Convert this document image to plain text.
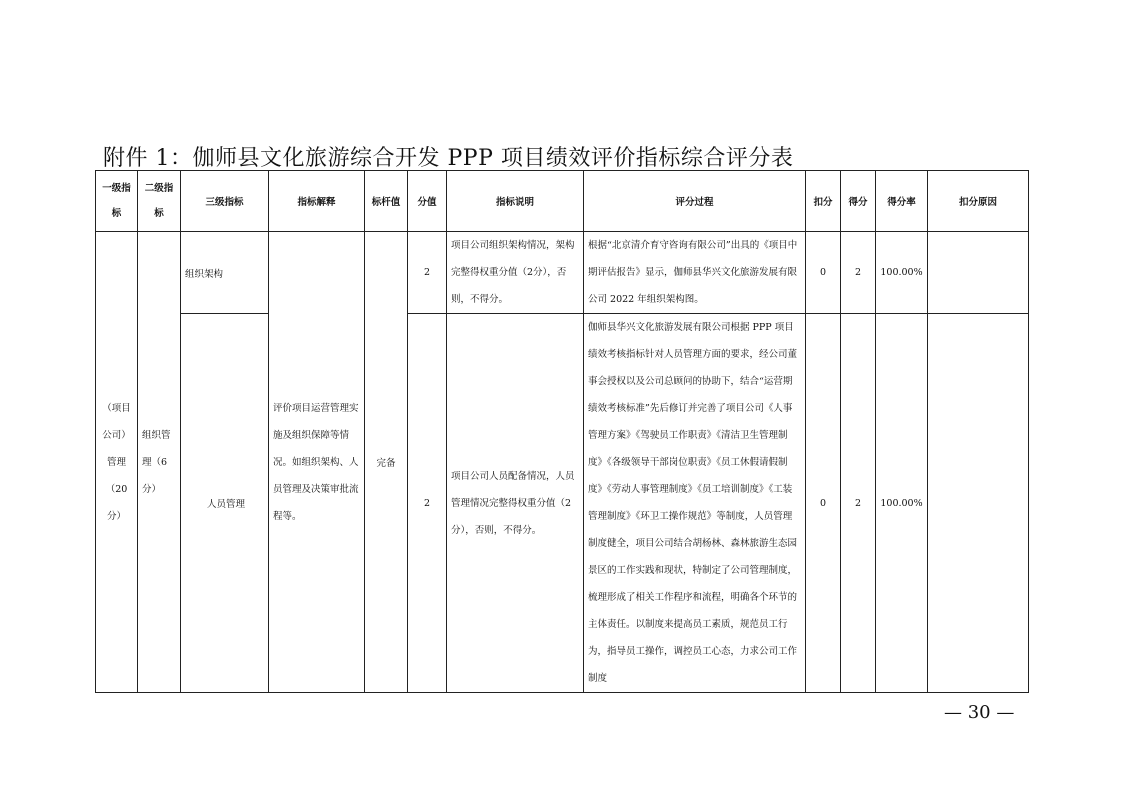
附件 1：伽师县文化旅游综合开发 PPP 项目绩效评价指标综合评分表
一级指标	二级指标	三级指标	指标解释	标杆值	分值	指标说明	评分过程	扣分	得分	得分率	扣分原因
（项目公司）管理（20分）	组织管理（6分）	组织架构	评价项目运营管理实施及组织保障等情况。如组织架构、人员管理及决策审批流程等。	完备	2	项目公司组织架构情况，架构完整得权重分值（2分），否则，不得分。	根据“北京清介育守咨询有限公司”出具的《项目中期评估报告》显示，伽师县华兴文化旅游发展有限公司 2022 年组织架构图。	0	2	100.00%	
		人员管理			2	项目公司人员配备情况，人员管理情况完整得权重分值（2分），否则，不得分。	伽师县华兴文化旅游发展有限公司根据 PPP 项目绩效考核指标针对人员管理方面的要求，经公司董事会授权以及公司总顾问的协助下，结合“运营期绩效考核标准”先后修订并完善了项目公司《人事管理方案》《驾驶员工作职责》《清洁卫生管理制度》《各级领导干部岗位职责》《员工休假请假制度》《劳动人事管理制度》《员工培训制度》《工装管理制度》《环卫工操作规范》等制度，人员管理制度健全，项目公司结合胡杨林、森林旅游生态园景区的工作实践和现状，特制定了公司管理制度，梳理形成了相关工作程序和流程，明确各个环节的主体责任。以制度来提高员工素质，规范员工行为，指导员工操作，调控员工心态，力求公司工作制度	0	2	100.00%	
— 30 —
